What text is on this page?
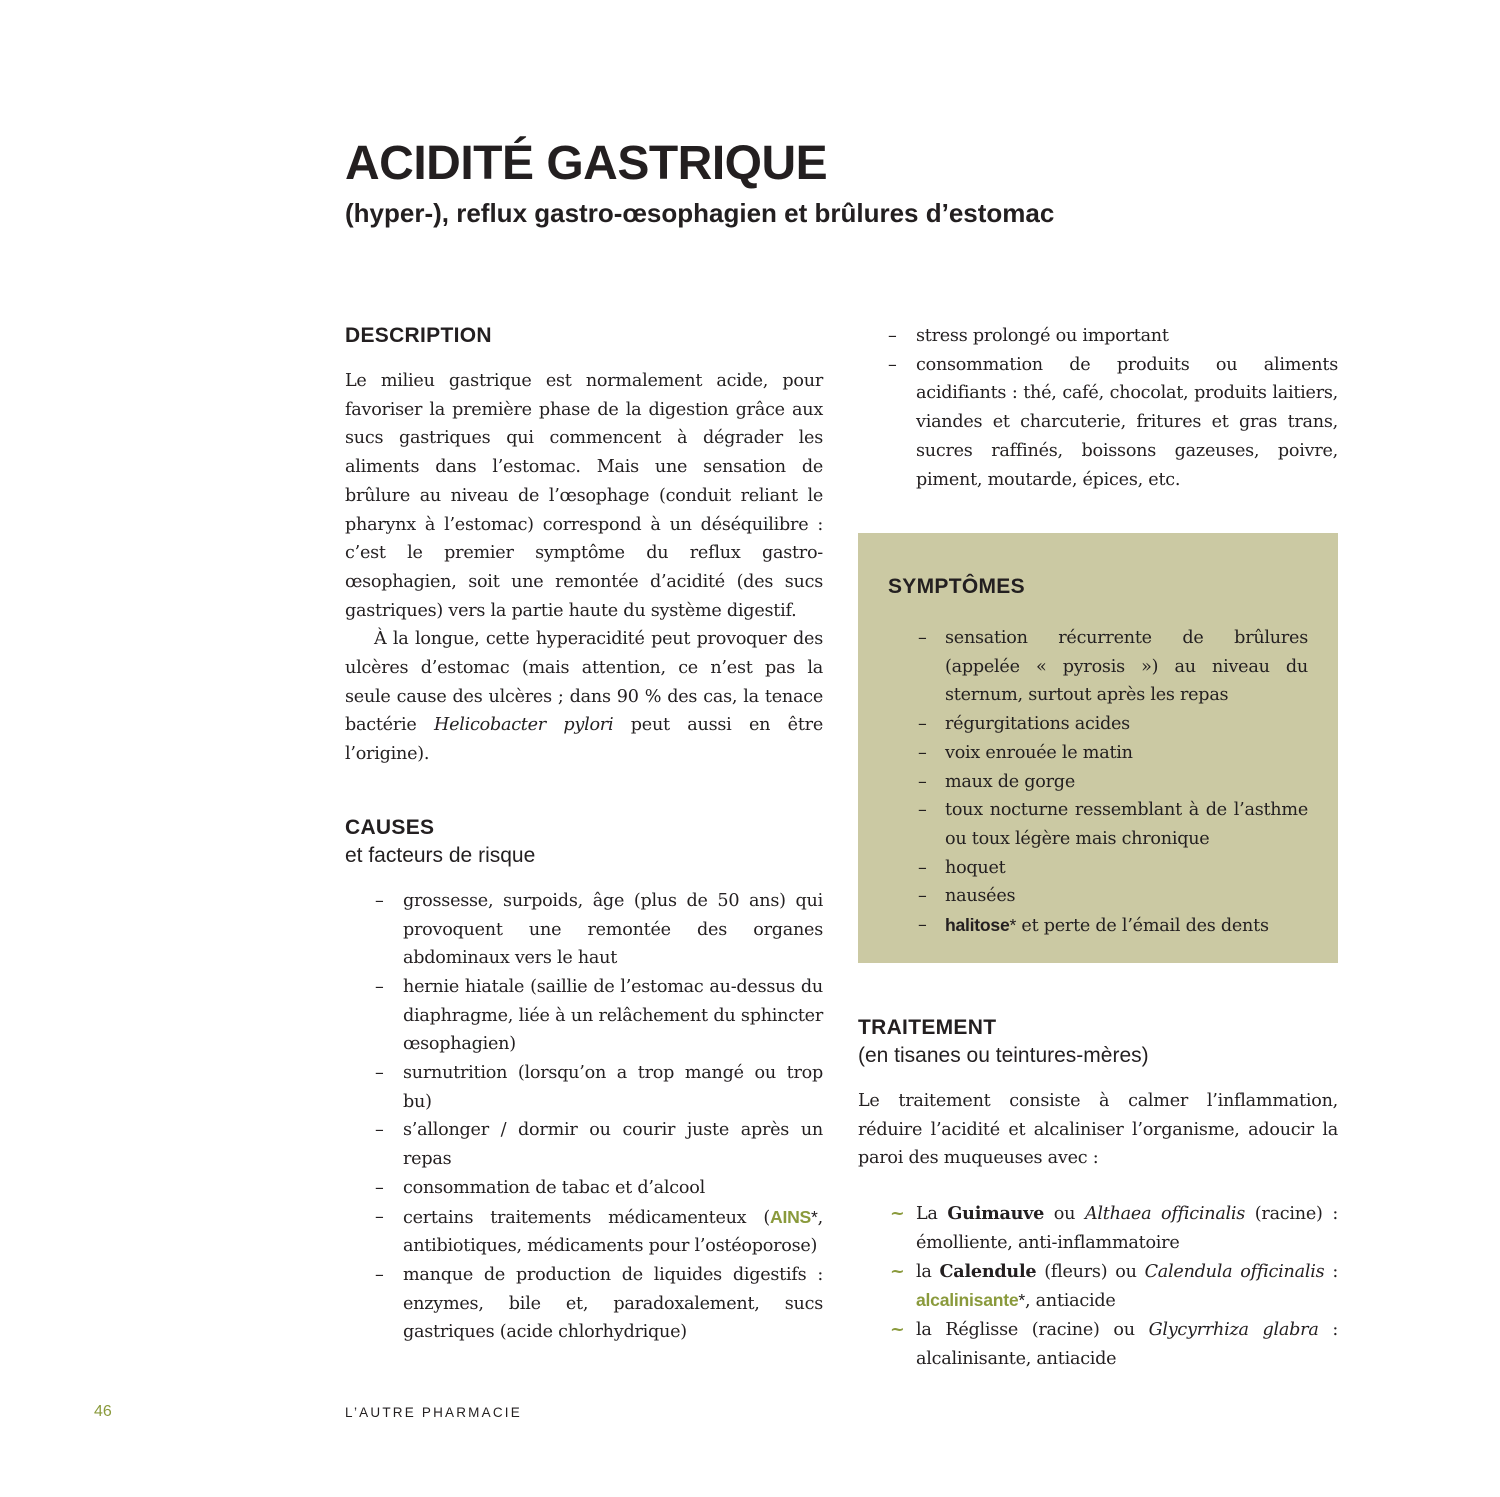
ACIDITÉ GASTRIQUE
(hyper-), reflux gastro-œsophagien et brûlures d’estomac
DESCRIPTION

Le milieu gastrique est normalement acide, pour favoriser la première phase de la digestion grâce aux sucs gastriques qui commencent à dégrader les aliments dans l’estomac. Mais une sensation de brûlure au niveau de l’œsophage (conduit reliant le pharynx à l’estomac) correspond à un déséquilibre : c’est le premier symptôme du reflux gastro-œsophagien, soit une remontée d’acidité (des sucs gastriques) vers la partie haute du système digestif.

À la longue, cette hyperacidité peut provoquer des ulcères d’estomac (mais attention, ce n’est pas la seule cause des ulcères ; dans 90 % des cas, la tenace bactérie Helicobacter pylori peut aussi en être l’origine).

CAUSES
et facteurs de risque
– grossesse, surpoids, âge (plus de 50 ans) qui provoquent une remontée des organes abdominaux vers le haut
– hernie hiatale (saillie de l’estomac au-dessus du diaphragme, liée à un relâchement du sphincter œsophagien)
– surnutrition (lorsqu’on a trop mangé ou trop bu)
– s’allonger / dormir ou courir juste après un repas
– consommation de tabac et d’alcool
– certains traitements médicamenteux (AINS*, antibiotiques, médicaments pour l’ostéoporose)
– manque de production de liquides digestifs : enzymes, bile et, paradoxalement, sucs gastriques (acide chlorhydrique)
– stress prolongé ou important
– consommation de produits ou aliments acidifiants : thé, café, chocolat, produits laitiers, viandes et charcuterie, fritures et gras trans, sucres raffinés, boissons gazeuses, poivre, piment, moutarde, épices, etc.
SYMPTÔMES
– sensation récurrente de brûlures (appelée « pyrosis ») au niveau du sternum, surtout après les repas
– régurgitations acides
– voix enrouée le matin
– maux de gorge
– toux nocturne ressemblant à de l’asthme ou toux légère mais chronique
– hoquet
– nausées
– halitose* et perte de l’émail des dents
TRAITEMENT
(en tisanes ou teintures-mères)

Le traitement consiste à calmer l’inflammation, réduire l’acidité et alcaliniser l’organisme, adoucir la paroi des muqueuses avec :

~ La Guimauve ou Althaea officinalis (racine) : émolliente, anti-inflammatoire
~ la Calendule (fleurs) ou Calendula officinalis : alcalinisante*, antiacide
~ la Réglisse (racine) ou Glycyrrhiza glabra : alcalinisante, antiacide

46	L’AUTRE PHARMACIE
